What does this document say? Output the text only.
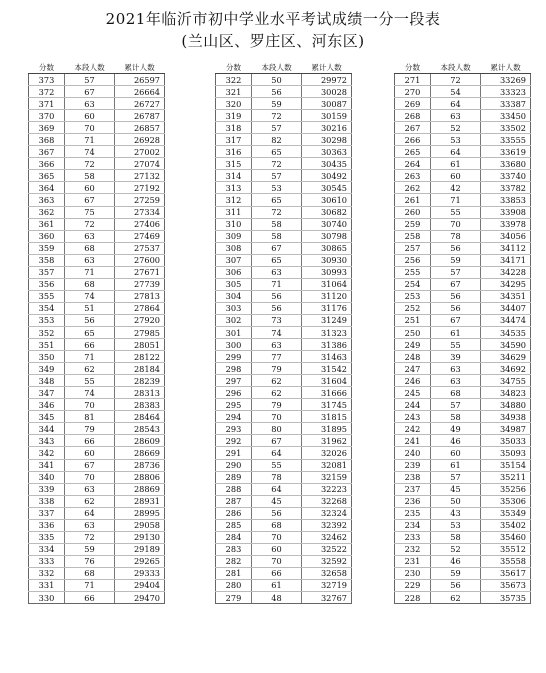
2021年临沂市初中学业水平考试成绩一分一段表
(兰山区、罗庄区、河东区)
分数	本段人数	累计人数
373	57	26597
372	67	26664
371	63	26727
370	60	26787
369	70	26857
368	71	26928
367	74	27002
366	72	27074
365	58	27132
364	60	27192
363	67	27259
362	75	27334
361	72	27406
360	63	27469
359	68	27537
358	63	27600
357	71	27671
356	68	27739
355	74	27813
354	51	27864
353	56	27920
352	65	27985
351	66	28051
350	71	28122
349	62	28184
348	55	28239
347	74	28313
346	70	28383
345	81	28464
344	79	28543
343	66	28609
342	60	28669
341	67	28736
340	70	28806
339	63	28869
338	62	28931
337	64	28995
336	63	29058
335	72	29130
334	59	29189
333	76	29265
332	68	29333
331	71	29404
330	66	29470
分数	本段人数	累计人数
322	50	29972
321	56	30028
320	59	30087
319	72	30159
318	57	30216
317	82	30298
316	65	30363
315	72	30435
314	57	30492
313	53	30545
312	65	30610
311	72	30682
310	58	30740
309	58	30798
308	67	30865
307	65	30930
306	63	30993
305	71	31064
304	56	31120
303	56	31176
302	73	31249
301	74	31323
300	63	31386
299	77	31463
298	79	31542
297	62	31604
296	62	31666
295	79	31745
294	70	31815
293	80	31895
292	67	31962
291	64	32026
290	55	32081
289	78	32159
288	64	32223
287	45	32268
286	56	32324
285	68	32392
284	70	32462
283	60	32522
282	70	32592
281	66	32658
280	61	32719
279	48	32767
分数	本段人数	累计人数
271	72	33269
270	54	33323
269	64	33387
268	63	33450
267	52	33502
266	53	33555
265	64	33619
264	61	33680
263	60	33740
262	42	33782
261	71	33853
260	55	33908
259	70	33978
258	78	34056
257	56	34112
256	59	34171
255	57	34228
254	67	34295
253	56	34351
252	56	34407
251	67	34474
250	61	34535
249	55	34590
248	39	34629
247	63	34692
246	63	34755
245	68	34823
244	57	34880
243	58	34938
242	49	34987
241	46	35033
240	60	35093
239	61	35154
238	57	35211
237	45	35256
236	50	35306
235	43	35349
234	53	35402
233	58	35460
232	52	35512
231	46	35558
230	59	35617
229	56	35673
228	62	35735
